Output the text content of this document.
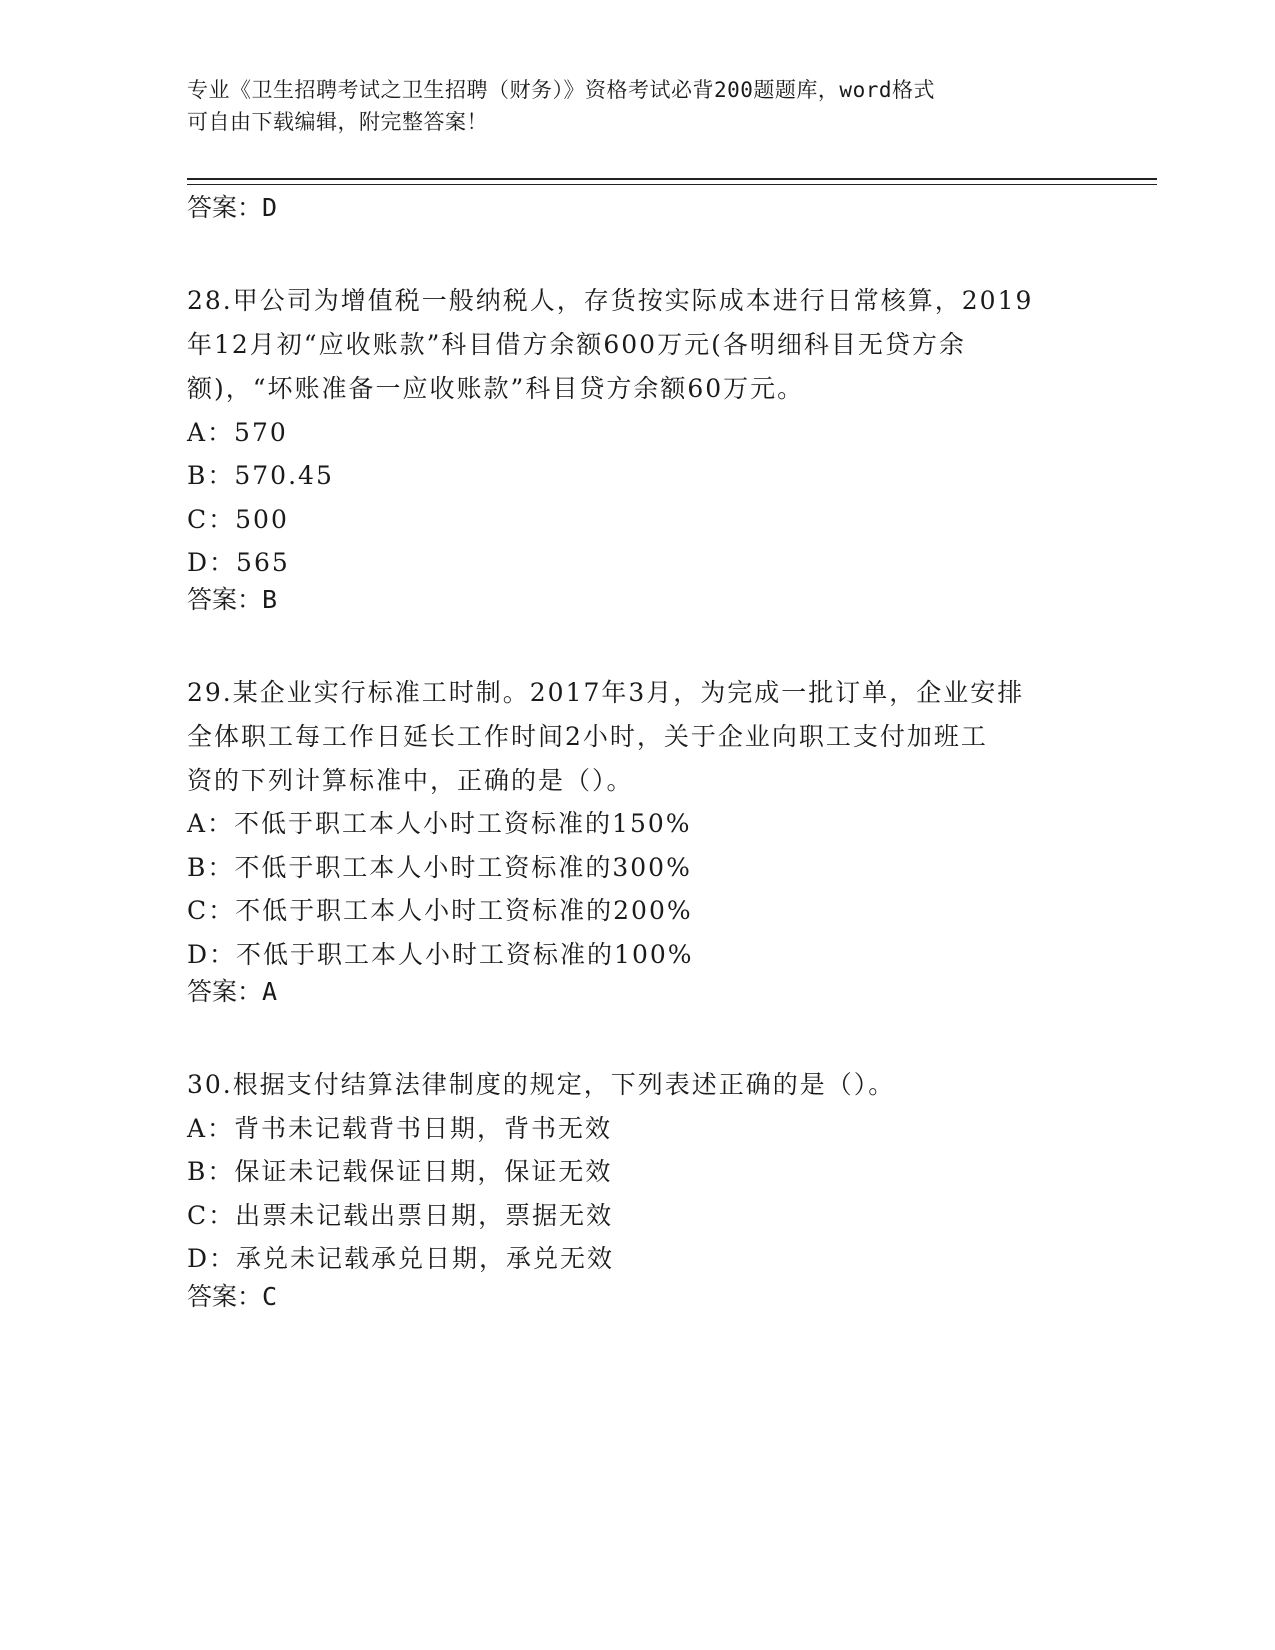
专业《卫生招聘考试之卫生招聘（财务）》资格考试必背200题题库，word格式
可自由下载编辑，附完整答案！
答案：D
28.甲公司为增值税一般纳税人，存货按实际成本进行日常核算，2019
年12月初“应收账款”科目借方余额600万元(各明细科目无贷方余
额)，“坏账准备一应收账款”科目贷方余额60万元。
A：570
B：570.45
C：500
D：565
答案：B
29.某企业实行标准工时制。2017年3月，为完成一批订单，企业安排
全体职工每工作日延长工作时间2小时，关于企业向职工支付加班工
资的下列计算标准中，正确的是（）。
A：不低于职工本人小时工资标准的150%
B：不低于职工本人小时工资标准的300%
C：不低于职工本人小时工资标准的200%
D：不低于职工本人小时工资标准的100%
答案：A
30.根据支付结算法律制度的规定，下列表述正确的是（）。
A：背书未记载背书日期，背书无效
B：保证未记载保证日期，保证无效
C：出票未记载出票日期，票据无效
D：承兑未记载承兑日期，承兑无效
答案：C
